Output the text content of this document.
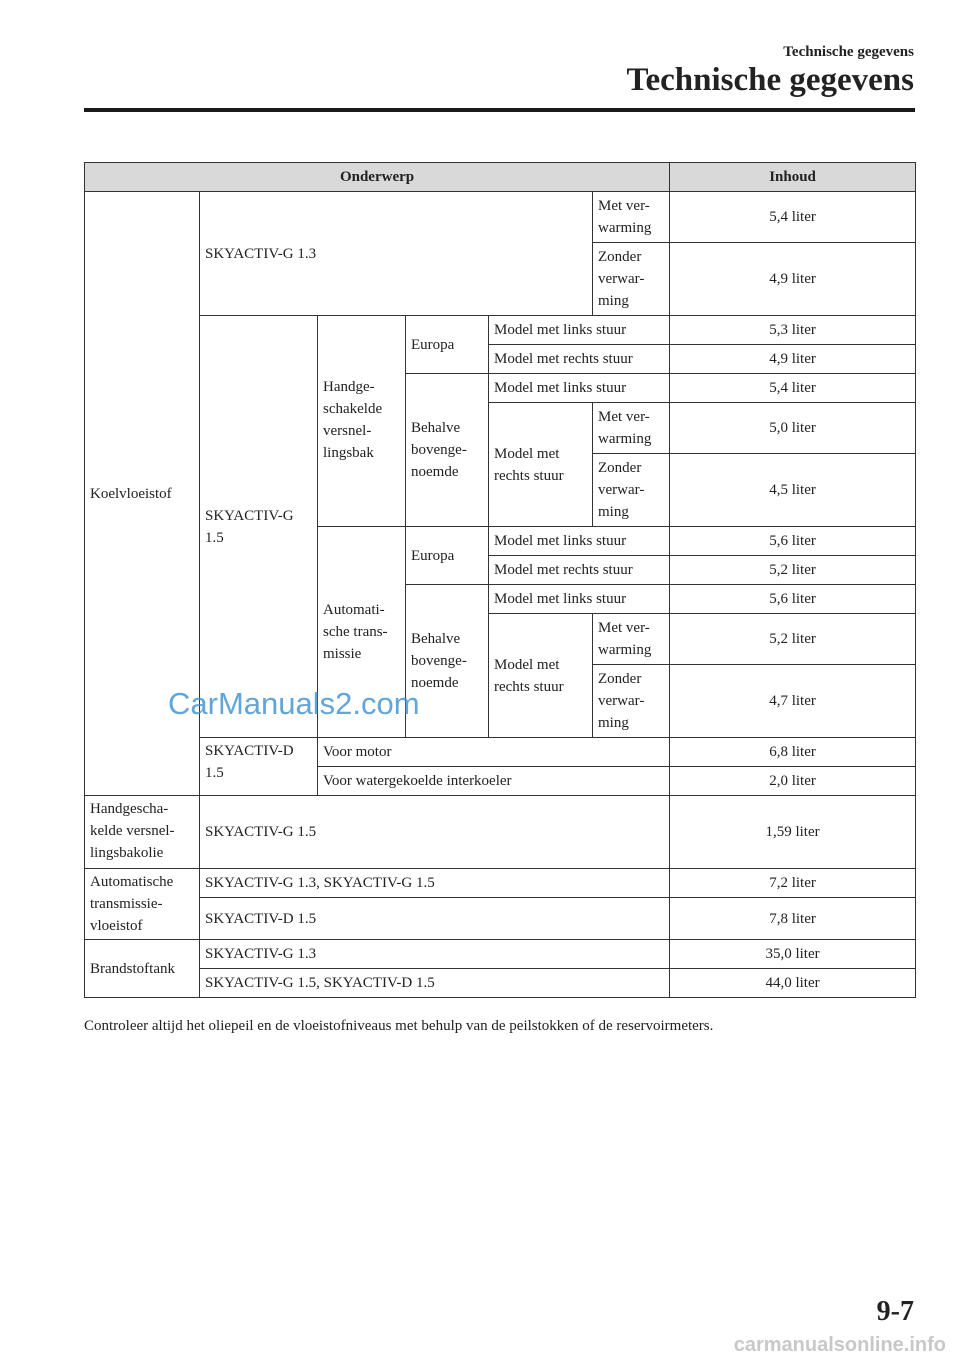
Technische gegevens
Technische gegevens
Onderwerp						Inhoud
Koelvloeistof	SKYACTIV-G 1.3				Met ver-warming	5,4 liter
					Zonder verwar-ming	4,9 liter
	SKYACTIV-G 1.5	Handge-schakelde versnel-lingsbak	Europa	Model met links stuur		5,3 liter
				Model met rechts stuur		4,9 liter
			Behalve bovenge-noemde	Model met links stuur		5,4 liter
				Model met rechts stuur	Met ver-warming	5,0 liter
					Zonder verwar-ming	4,5 liter
		Automati-sche trans-missie	Europa	Model met links stuur		5,6 liter
				Model met rechts stuur		5,2 liter
			Behalve bovenge-noemde	Model met links stuur		5,6 liter
				Model met rechts stuur	Met ver-warming	5,2 liter
					Zonder verwar-ming	4,7 liter
	SKYACTIV-D 1.5	Voor motor				6,8 liter
		Voor watergekoelde interkoeler				2,0 liter
Handgescha-kelde versnel-lingsbakolie	SKYACTIV-G 1.5					1,59 liter
Automatische transmissie-vloeistof	SKYACTIV-G 1.3, SKYACTIV-G 1.5					7,2 liter
	SKYACTIV-D 1.5					7,8 liter
Brandstoftank	SKYACTIV-G 1.3					35,0 liter
	SKYACTIV-G 1.5, SKYACTIV-D 1.5					44,0 liter
Controleer altijd het oliepeil en de vloeistofniveaus met behulp van de peilstokken of de reservoirmeters.
CarManuals2.com
9-7
carmanualsonline.info
